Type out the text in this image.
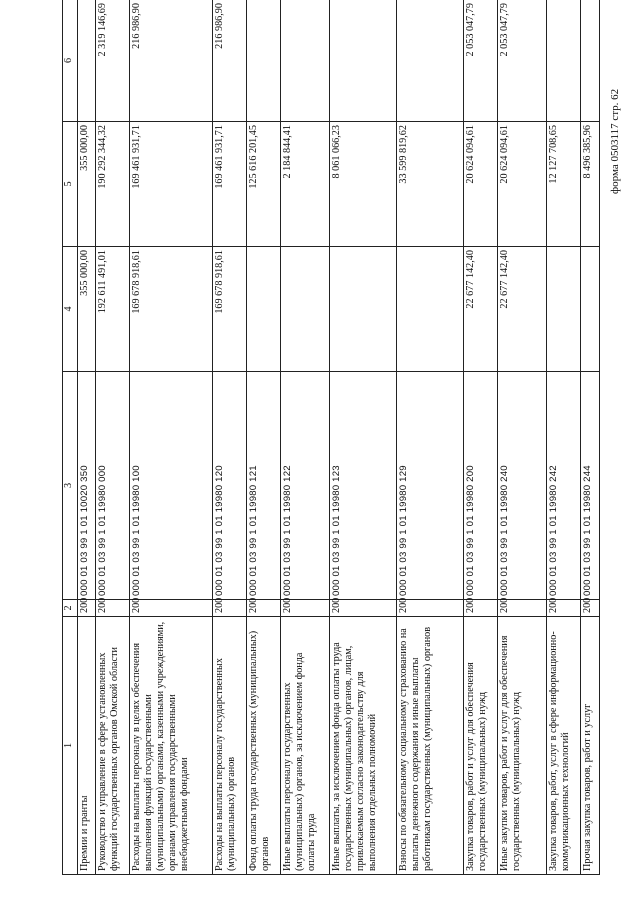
форма 0503117 стр. 62
1	2	3	4	5	6
Премии и гранты	200	000 01 03 99 1 01 10020 350	355 000,00	355 000,00	
Руководство и управление в сфере установленных функций государственных органов Омской области	200	000 01 03 99 1 01 19980 000	192 611 491,01	190 292 344,32	2 319 146,69
Расходы на выплаты персоналу в целях обеспечения выполнения функций государственными (муниципальными) органами, казенными учреждениями, органами управления государственными внебюджетными фондами	200	000 01 03 99 1 01 19980 100	169 678 918,61	169 461 931,71	216 986,90
Расходы на выплаты персоналу государственных (муниципальных) органов	200	000 01 03 99 1 01 19980 120	169 678 918,61	169 461 931,71	216 986,90
Фонд оплаты труда государственных (муниципальных) органов	200	000 01 03 99 1 01 19980 121		125 616 201,45	
Иные выплаты персоналу государственных (муниципальных) органов, за исключением фонда оплаты труда	200	000 01 03 99 1 01 19980 122		2 184 844,41	
Иные выплаты, за исключением фонда оплаты труда государственных (муниципальных) органов, лицам, привлекаемым согласно законодательству для выполнения отдельных полномочий	200	000 01 03 99 1 01 19980 123		8 061 066,23	
Взносы по обязательному социальному страхованию на выплаты денежного содержания и иные выплаты работникам государственных (муниципальных) органов	200	000 01 03 99 1 01 19980 129		33 599 819,62	
Закупка товаров, работ и услуг для обеспечения государственных (муниципальных) нужд	200	000 01 03 99 1 01 19980 200	22 677 142,40	20 624 094,61	2 053 047,79
Иные закупки товаров, работ и услуг для обеспечения государственных (муниципальных) нужд	200	000 01 03 99 1 01 19980 240	22 677 142,40	20 624 094,61	2 053 047,79
Закупка товаров, работ, услуг в сфере информационно-коммуникационных технологий	200	000 01 03 99 1 01 19980 242		12 127 708,65	
Прочая закупка товаров, работ и услуг	200	000 01 03 99 1 01 19980 244		8 496 385,96	
